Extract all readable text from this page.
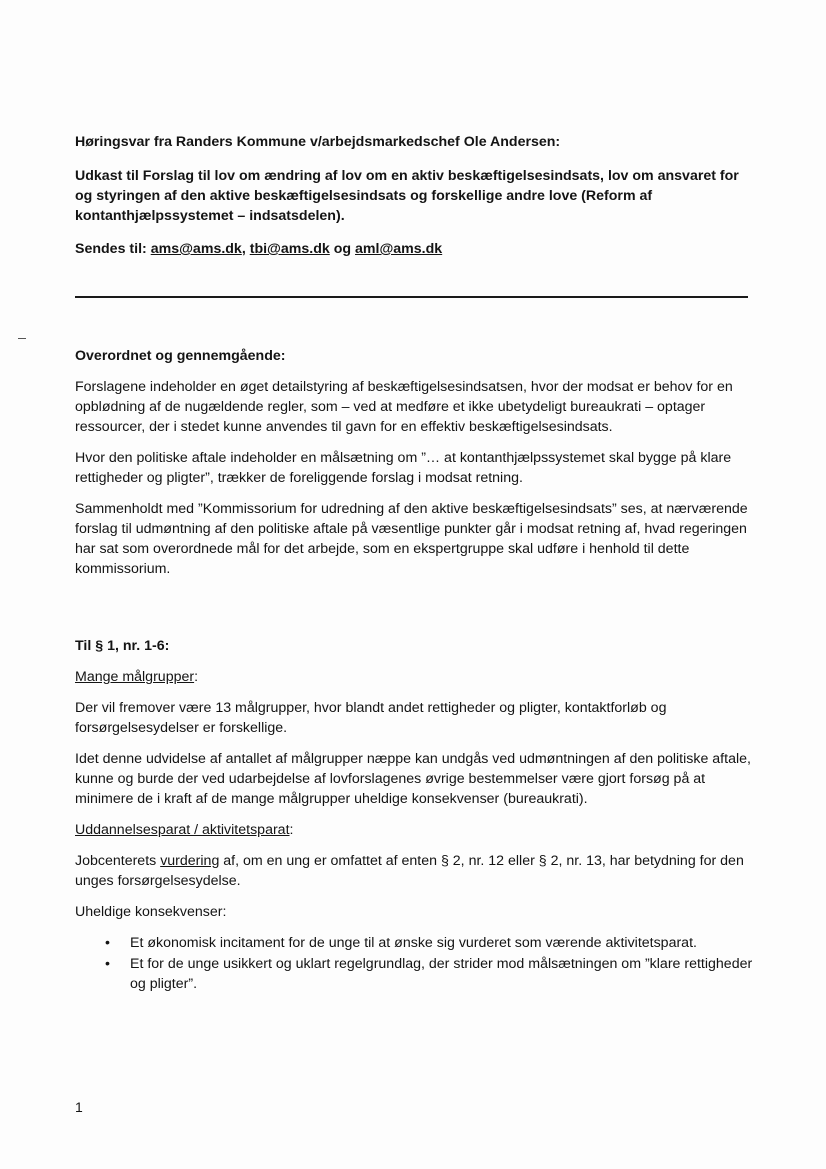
Høringsvar fra Randers Kommune v/arbejdsmarkedschef Ole Andersen:

Udkast til Forslag til lov om ændring af lov om en aktiv beskæftigelsesindsats, lov om ansvaret for og styringen af den aktive beskæftigelsesindsats og forskellige andre love (Reform af kontanthjælpssystemet – indsatsdelen).

Sendes til: ams@ams.dk, tbi@ams.dk og aml@ams.dk

Overordnet og gennemgående:

Forslagene indeholder en øget detailstyring af beskæftigelsesindsatsen, hvor der modsat er behov for en opblødning af de nugældende regler, som – ved at medføre et ikke ubetydeligt bureaukrati – optager ressourcer, der i stedet kunne anvendes til gavn for en effektiv beskæftigelsesindsats.

Hvor den politiske aftale indeholder en målsætning om ”… at kontanthjælpssystemet skal bygge på klare rettigheder og pligter”, trækker de foreliggende forslag i modsat retning.

Sammenholdt med ”Kommissorium for udredning af den aktive beskæftigelsesindsats” ses, at nærværende forslag til udmøntning af den politiske aftale på væsentlige punkter går i modsat retning af, hvad regeringen har sat som overordnede mål for det arbejde, som en ekspertgruppe skal udføre i henhold til dette kommissorium.

Til § 1, nr. 1-6:

Mange målgrupper:

Der vil fremover være 13 målgrupper, hvor blandt andet rettigheder og pligter, kontaktforløb og forsørgelsesydelser er forskellige.

Idet denne udvidelse af antallet af målgrupper næppe kan undgås ved udmøntningen af den politiske aftale, kunne og burde der ved udarbejdelse af lovforslagenes øvrige bestemmelser være gjort forsøg på at minimere de i kraft af de mange målgrupper uheldige konsekvenser (bureaukrati).

Uddannelsesparat / aktivitetsparat:

Jobcenterets vurdering af, om en ung er omfattet af enten § 2, nr. 12 eller § 2, nr. 13, har betydning for den unges forsørgelsesydelse.

Uheldige konsekvenser:

• Et økonomisk incitament for de unge til at ønske sig vurderet som værende aktivitetsparat.
• Et for de unge usikkert og uklart regelgrundlag, der strider mod målsætningen om ”klare rettigheder og pligter”.
1
